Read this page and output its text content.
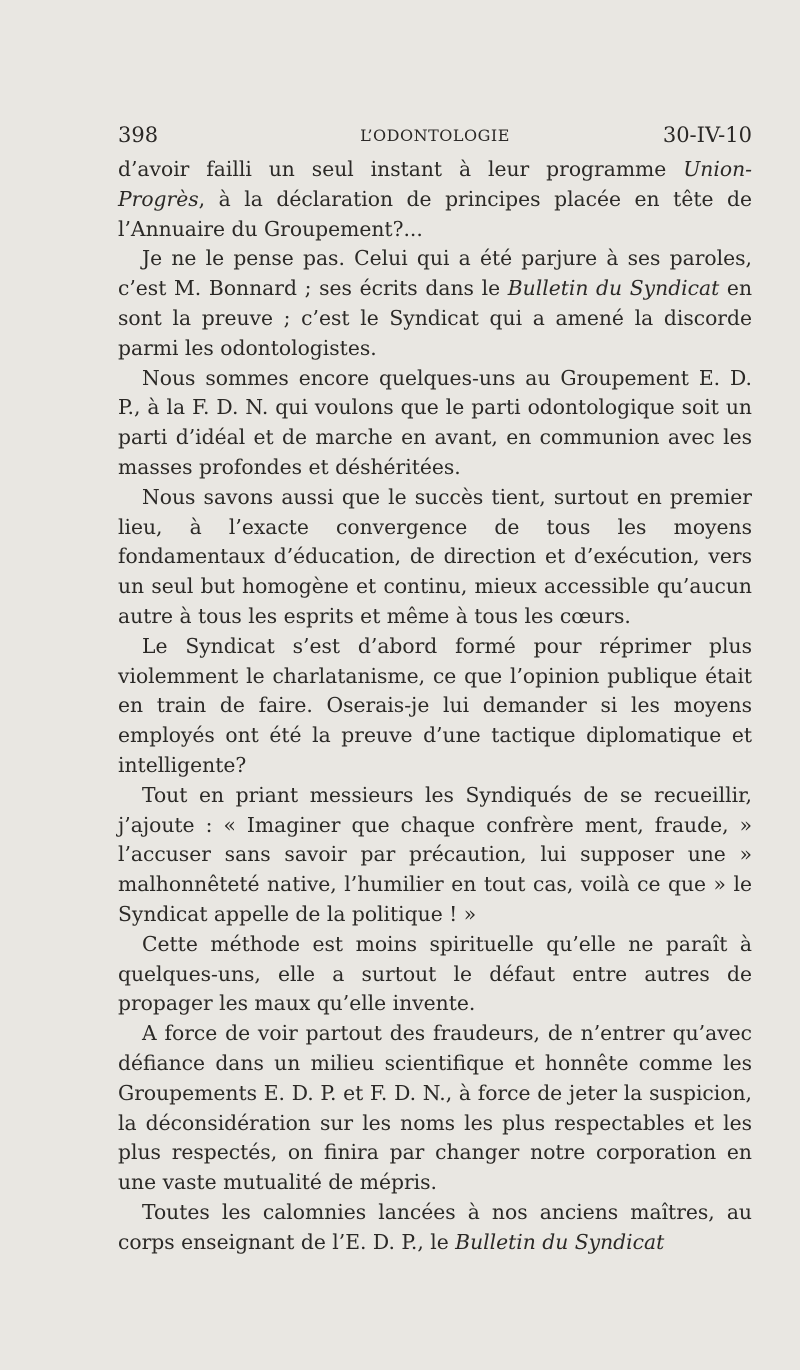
398	L’ODONTOLOGIE	30-IV-10

d’avoir failli un seul instant à leur programme Union-Progrès, à la déclaration de principes placée en tête de l’Annuaire du Groupement?...

Je ne le pense pas. Celui qui a été parjure à ses paroles, c’est M. Bonnard ; ses écrits dans le Bulletin du Syndicat en sont la preuve ; c’est le Syndicat qui a amené la discorde parmi les odontologistes.

Nous sommes encore quelques-uns au Groupement E. D. P., à la F. D. N. qui voulons que le parti odontologique soit un parti d’idéal et de marche en avant, en communion avec les masses profondes et déshéritées.

Nous savons aussi que le succès tient, surtout en premier lieu, à l’exacte convergence de tous les moyens fondamentaux d’éducation, de direction et d’exécution, vers un seul but homogène et continu, mieux accessible qu’aucun autre à tous les esprits et même à tous les cœurs.

Le Syndicat s’est d’abord formé pour réprimer plus violemment le charlatanisme, ce que l’opinion publique était en train de faire. Oserais-je lui demander si les moyens employés ont été la preuve d’une tactique diplomatique et intelligente?

Tout en priant messieurs les Syndiqués de se recueillir, j’ajoute : « Imaginer que chaque confrère ment, fraude, » l’accuser sans savoir par précaution, lui supposer une » malhonnêteté native, l’humilier en tout cas, voilà ce que » le Syndicat appelle de la politique ! »

Cette méthode est moins spirituelle qu’elle ne paraît à quelques-uns, elle a surtout le défaut entre autres de propager les maux qu’elle invente.

A force de voir partout des fraudeurs, de n’entrer qu’avec défiance dans un milieu scientifique et honnête comme les Groupements E. D. P. et F. D. N., à force de jeter la suspicion, la déconsidération sur les noms les plus respectables et les plus respectés, on finira par changer notre corporation en une vaste mutualité de mépris.

Toutes les calomnies lancées à nos anciens maîtres, au corps enseignant de l’E. D. P., le Bulletin du Syndicat
